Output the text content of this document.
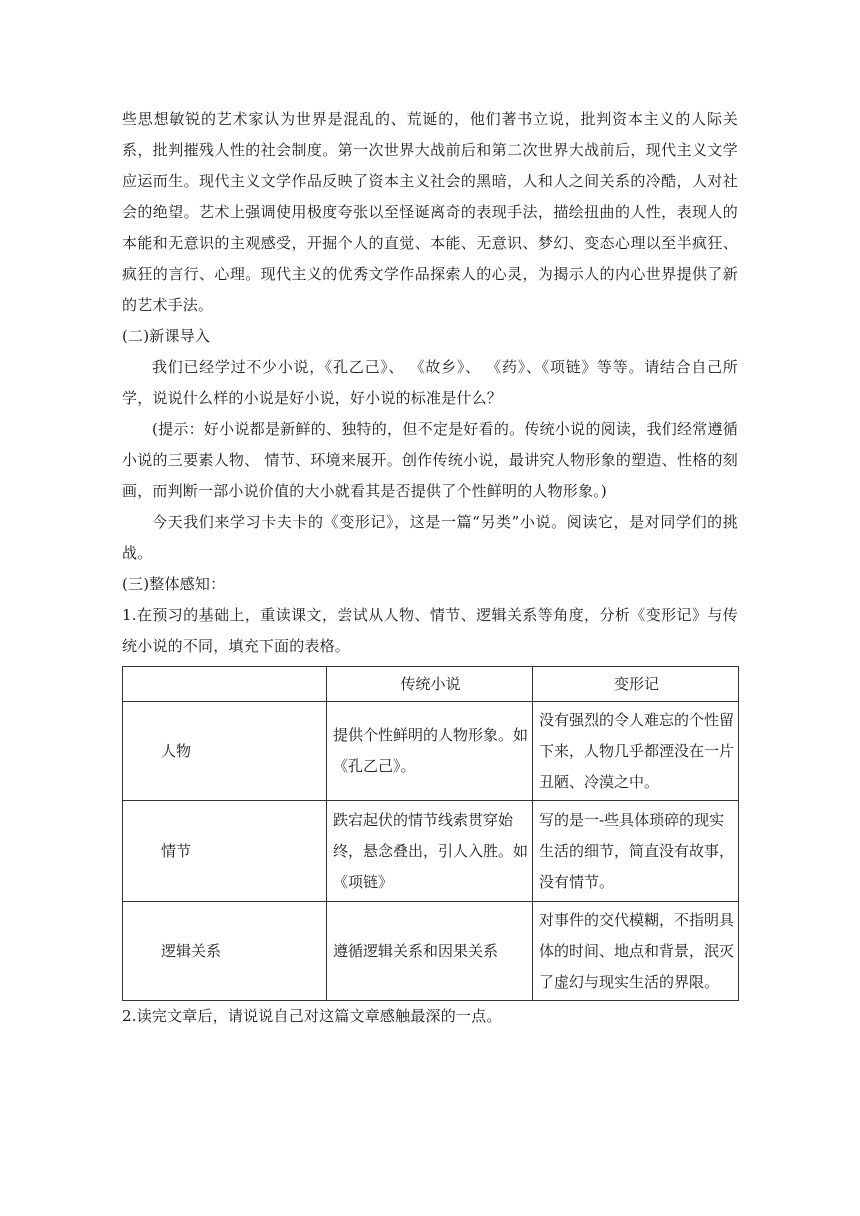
些思想敏锐的艺术家认为世界是混乱的、荒诞的，他们著书立说，批判资本主义的人际关系，批判摧残人性的社会制度。第一次世界大战前后和第二次世界大战前后，现代主义文学应运而生。现代主义文学作品反映了资本主义社会的黑暗，人和人之间关系的冷酷，人对社会的绝望。艺术上强调使用极度夸张以至怪诞离奇的表现手法，描绘扭曲的人性，表现人的本能和无意识的主观感受，开掘个人的直觉、本能、无意识、梦幻、变态心理以至半疯狂、疯狂的言行、心理。现代主义的优秀文学作品探索人的心灵，为揭示人的内心世界提供了新的艺术手法。

(二)新课导入

我们已经学过不少小说，《孔乙己》、 《故乡》、 《药》、《项链》等等。请结合自己所学，说说什么样的小说是好小说，好小说的标准是什么？

(提示：好小说都是新鲜的、独特的，但不定是好看的。传统小说的阅读，我们经常遵循小说的三要素人物、 情节、环境来展开。创作传统小说，最讲究人物形象的塑造、性格的刻画，而判断一部小说价值的大小就看其是否提供了个性鲜明的人物形象。)

今天我们来学习卡夫卡的《变形记》，这是一篇“另类”小说。阅读它，是对同学们的挑战。

(三)整体感知：

1.在预习的基础上，重读课文，尝试从人物、情节、逻辑关系等角度，分析《变形记》与传统小说的不同，填充下面的表格。

	传统小说	变形记
人物	提供个性鲜明的人物形象。如《孔乙己》。	没有强烈的令人难忘的个性留下来，人物几乎都湮没在一片丑陋、冷漠之中。
情节	跌宕起伏的情节线索贯穿始终，悬念叠出，引人入胜。如《项链》	写的是一-些具体琐碎的现实生活的细节，简直没有故事，没有情节。
逻辑关系	遵循逻辑关系和因果关系	对事件的交代模糊，不指明具体的时间、地点和背景，泯灭了虚幻与现实生活的界限。

2.读完文章后，请说说自己对这篇文章感触最深的一点。
